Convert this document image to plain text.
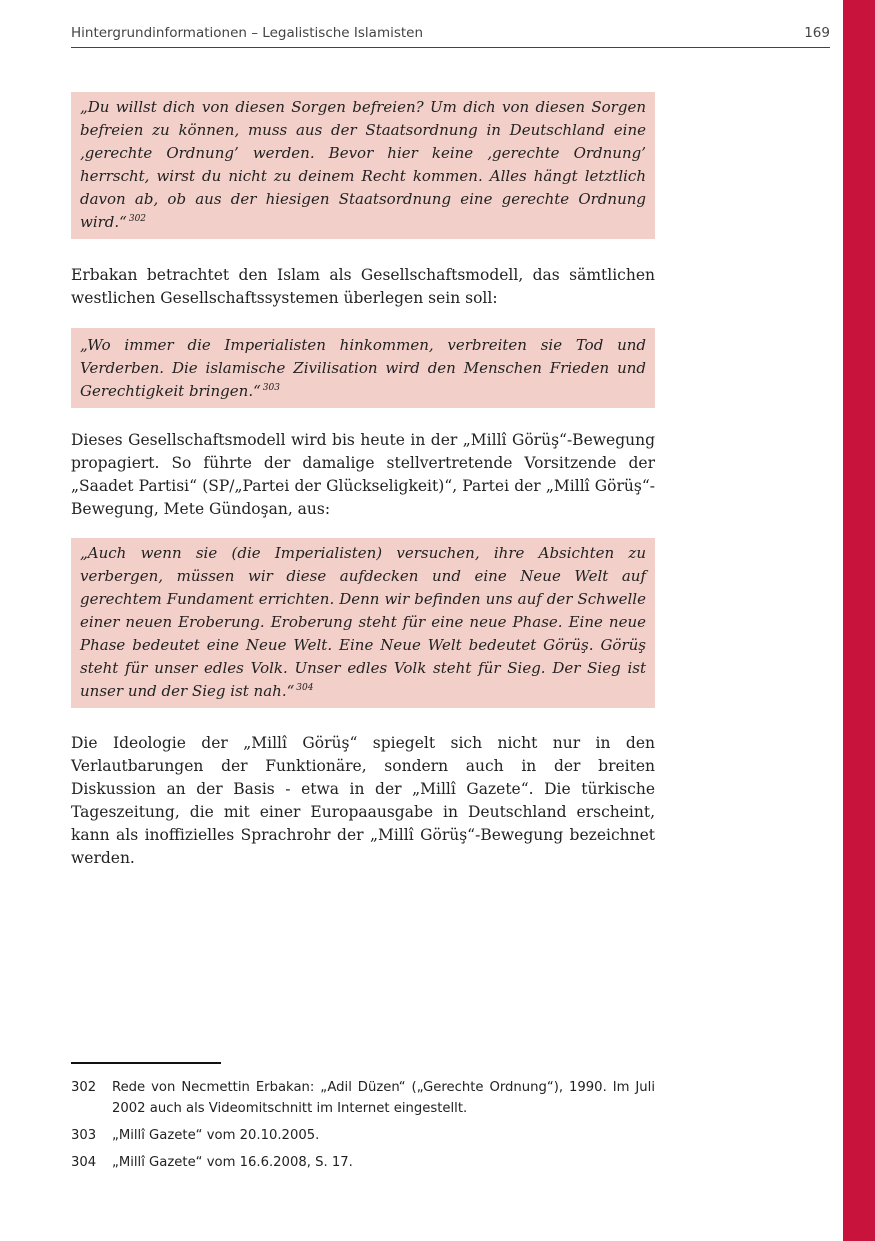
Hintergrundinformationen – Legalistische Islamisten	169

„Du willst dich von diesen Sorgen befreien? Um dich von diesen Sorgen befreien zu können, muss aus der Staatsordnung in Deutschland eine ‚gerechte Ordnung’ werden. Bevor hier keine ‚gerechte Ordnung’ herrscht, wirst du nicht zu deinem Recht kommen. Alles hängt letztlich davon ab, ob aus der hiesigen Staatsordnung eine gerechte Ordnung wird.“ $^{302}$

Erbakan betrachtet den Islam als Gesellschaftsmodell, das sämtlichen westlichen Gesellschaftssystemen überlegen sein soll:

„Wo immer die Imperialisten hinkommen, verbreiten sie Tod und Verderben. Die islamische Zivilisation wird den Menschen Frieden und Gerechtigkeit bringen.“ $^{303}$

Dieses Gesellschaftsmodell wird bis heute in der „Millî Görüş“-Bewegung propagiert. So führte der damalige stellvertretende Vorsitzende der „Saadet Partisi“ (SP/„Partei der Glückseligkeit)“, Partei der „Millî Görüş“-Bewegung, Mete Gündoşan, aus:

„Auch wenn sie (die Imperialisten) versuchen, ihre Absichten zu verbergen, müssen wir diese aufdecken und eine Neue Welt auf gerechtem Fundament errichten. Denn wir befinden uns auf der Schwelle einer neuen Eroberung. Eroberung steht für eine neue Phase. Eine neue Phase bedeutet eine Neue Welt. Eine Neue Welt bedeutet Görüş. Görüş steht für unser edles Volk. Unser edles Volk steht für Sieg. Der Sieg ist unser und der Sieg ist nah.“ $^{304}$

Die Ideologie der „Millî Görüş“ spiegelt sich nicht nur in den Verlautbarungen der Funktionäre, sondern auch in der breiten Diskussion an der Basis - etwa in der „Millî Gazete“. Die türkische Tageszeitung, die mit einer Europaausgabe in Deutschland erscheint, kann als inoffizielles Sprachrohr der „Millî Görüş“-Bewegung bezeichnet werden.

302	Rede von Necmettin Erbakan: „Adil Düzen“ („Gerechte Ordnung“), 1990. Im Juli 2002 auch als Videomitschnitt im Internet eingestellt.
303	„Millî Gazete“ vom 20.10.2005.
304	„Millî Gazete“ vom 16.6.2008, S. 17.
